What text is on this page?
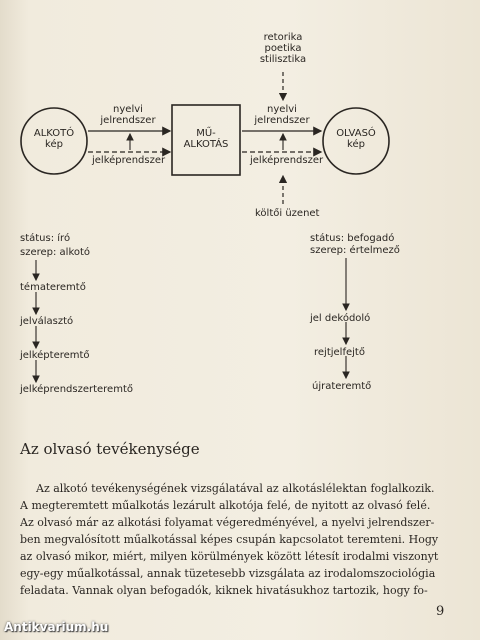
ALKOTÓ
kép
MŰ-
ALKOTÁS
OLVASÓ
kép
nyelvi
jelrendszer
jelképrendszer
nyelvi
jelrendszer
jelképrendszer
retorika
poetika
stilisztika
költői üzenet
státus: író
szerep: alkotó
témateremtő
jelválasztó
jelképteremtő
jelképrendszerteremtő
státus: befogadó
szerep: értelmező
jel dekódoló
rejtjelfejtő
újrateremtő
Az olvasó tevékenysége
Az alkotó tevékenységének vizsgálatával az alkotáslélektan foglalkozik.
A megteremtett műalkotás lezárult alkotója felé, de nyitott az olvasó felé.
Az olvasó már az alkotási folyamat végeredményével, a nyelvi jelrendszer-
ben megvalósított műalkotással képes csupán kapcsolatot teremteni. Hogy
az olvasó mikor, miért, milyen körülmények között létesít irodalmi viszonyt
egy-egy műalkotással, annak tüzetesebb vizsgálata az irodalomszociológia
feladata. Vannak olyan befogadók, kiknek hivatásukhoz tartozik, hogy fo-
9
Antikvarium.hu
